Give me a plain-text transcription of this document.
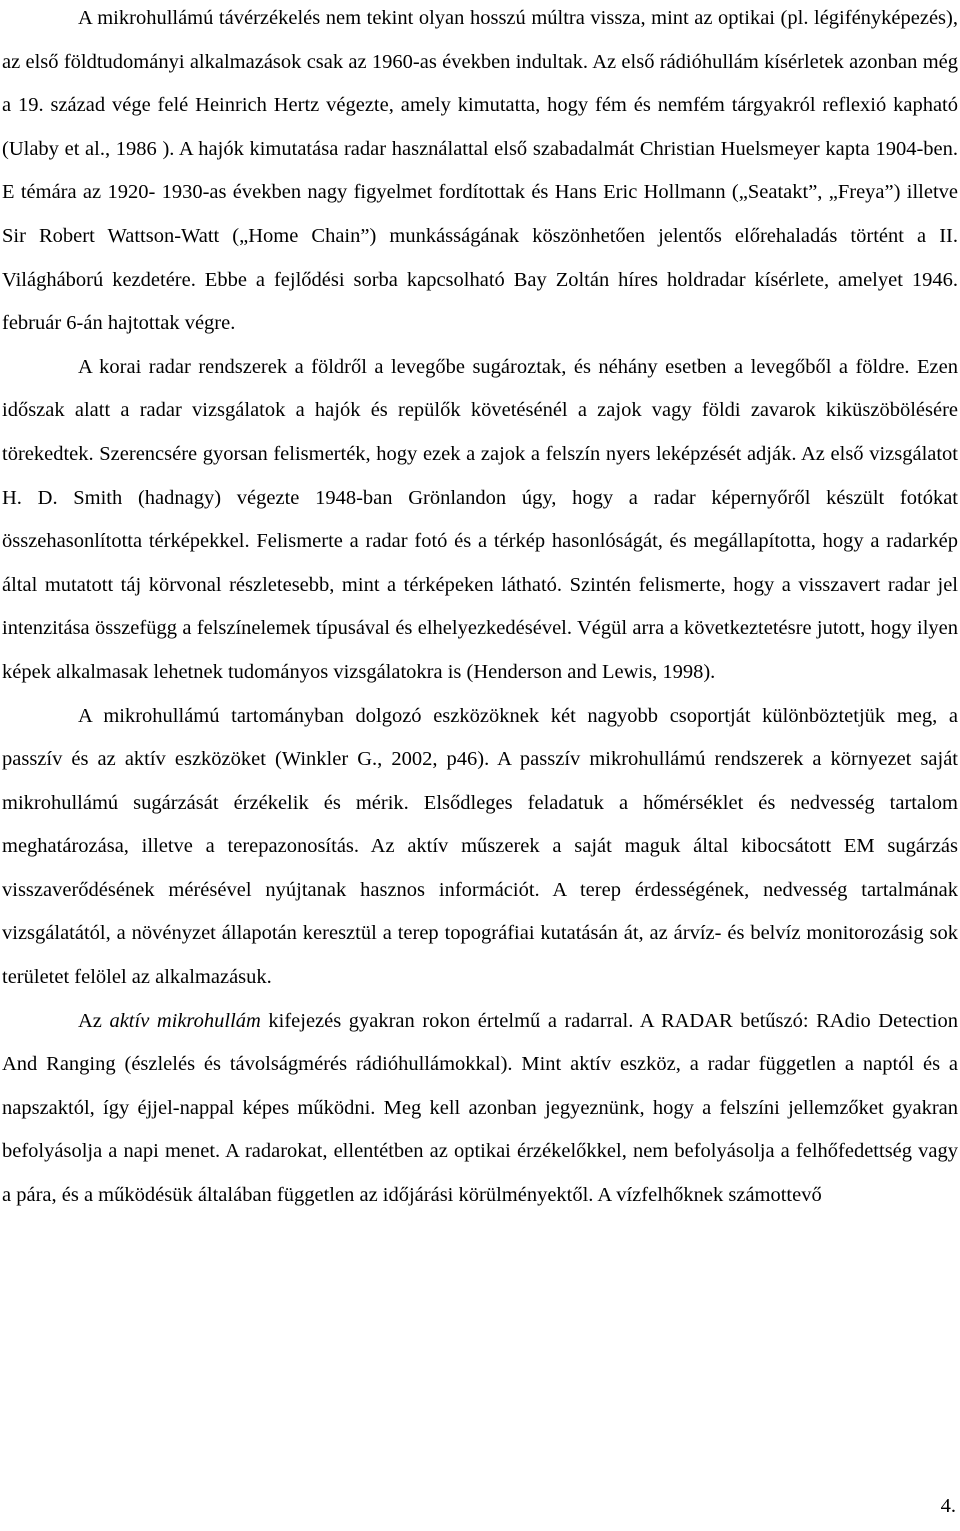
A mikrohullámú távérzékelés nem tekint olyan hosszú múltra vissza, mint az optikai (pl. légifényképezés), az első földtudományi alkalmazások csak az 1960-as években indultak. Az első rádióhullám kísérletek azonban még a 19. század vége felé Heinrich Hertz végezte, amely kimutatta, hogy fém és nemfém tárgyakról reflexió kapható (Ulaby et al., 1986 ). A hajók kimutatása radar használattal első szabadalmát Christian Huelsmeyer kapta 1904-ben. E témára az 1920- 1930-as években nagy figyelmet fordítottak és Hans Eric Hollmann („Seatakt”, „Freya”) illetve Sir Robert Wattson-Watt („Home Chain”) munkásságának köszönhetően jelentős előrehaladás történt a II. Világháború kezdetére. Ebbe a fejlődési sorba kapcsolható Bay Zoltán híres holdradar kísérlete, amelyet 1946. február 6-án hajtottak végre.

A korai radar rendszerek a földről a levegőbe sugároztak, és néhány esetben a levegőből a földre. Ezen időszak alatt a radar vizsgálatok a hajók és repülők követésénél a zajok vagy földi zavarok kiküszöbölésére törekedtek. Szerencsére gyorsan felismerték, hogy ezek a zajok a felszín nyers leképzését adják. Az első vizsgálatot H. D. Smith (hadnagy) végezte 1948-ban Grönlandon úgy, hogy a radar képernyőről készült fotókat összehasonlította térképekkel. Felismerte a radar fotó és a térkép hasonlóságát, és megállapította, hogy a radarkép által mutatott táj körvonal részletesebb, mint a térképeken látható. Szintén felismerte, hogy a visszavert radar jel intenzitása összefügg a felszínelemek típusával és elhelyezkedésével. Végül arra a következtetésre jutott, hogy ilyen képek alkalmasak lehetnek tudományos vizsgálatokra is (Henderson and Lewis, 1998).

A mikrohullámú tartományban dolgozó eszközöknek két nagyobb csoportját különböztetjük meg, a passzív és az aktív eszközöket (Winkler G., 2002, p46). A passzív mikrohullámú rendszerek a környezet saját mikrohullámú sugárzását érzékelik és mérik. Elsődleges feladatuk a hőmérséklet és nedvesség tartalom meghatározása, illetve a terepazonosítás. Az aktív műszerek a saját maguk által kibocsátott EM sugárzás visszaverődésének mérésével nyújtanak hasznos információt. A terep érdességének, nedvesség tartalmának vizsgálatától, a növényzet állapotán keresztül a terep topográfiai kutatásán át, az árvíz- és belvíz monitorozásig sok területet felölel az alkalmazásuk.

Az aktív mikrohullám kifejezés gyakran rokon értelmű a radarral. A RADAR betűszó: RAdio Detection And Ranging (észlelés és távolságmérés rádióhullámokkal). Mint aktív eszköz, a radar független a naptól és a napszaktól, így éjjel-nappal képes működni. Meg kell azonban jegyeznünk, hogy a felszíni jellemzőket gyakran befolyásolja a napi menet. A radarokat, ellentétben az optikai érzékelőkkel, nem befolyásolja a felhőfedettség vagy a pára, és a működésük általában független az időjárási körülményektől. A vízfelhőknek számottevő

4.
